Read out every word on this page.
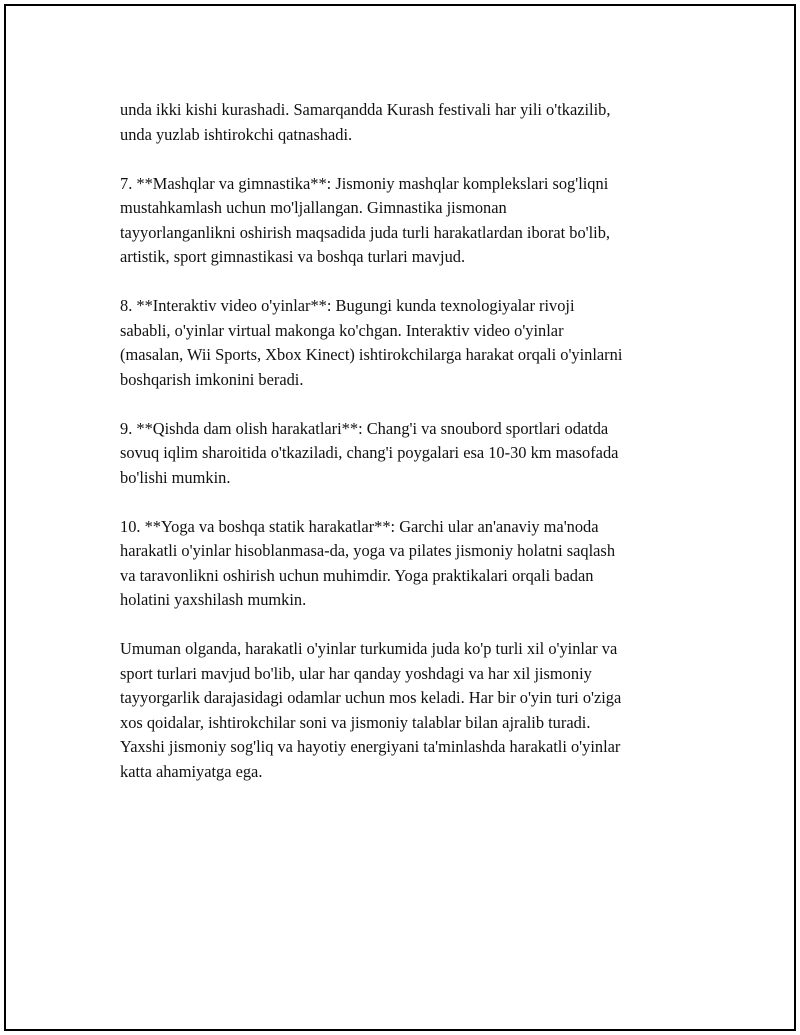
unda ikki kishi kurashadi. Samarqandda Kurash festivali har yili o'tkazilib,
unda yuzlab ishtirokchi qatnashadi.

7. **Mashqlar va gimnastika**: Jismoniy mashqlar komplekslari sog'liqni
mustahkamlash uchun mo'ljallangan. Gimnastika jismonan
tayyorlanganlikni oshirish maqsadida juda turli harakatlardan iborat bo'lib,
artistik, sport gimnastikasi va boshqa turlari mavjud.

8. **Interaktiv video o'yinlar**: Bugungi kunda texnologiyalar rivoji
sababli, o'yinlar virtual makonga ko'chgan. Interaktiv video o'yinlar
(masalan, Wii Sports, Xbox Kinect) ishtirokchilarga harakat orqali o'yinlarni
boshqarish imkonini beradi.

9. **Qishda dam olish harakatlari**: Chang'i va snoubord sportlari odatda
sovuq iqlim sharoitida o'tkaziladi, chang'i poygalari esa 10-30 km masofada
bo'lishi mumkin.

10. **Yoga va boshqa statik harakatlar**: Garchi ular an'anaviy ma'noda
harakatli o'yinlar hisoblanmasa-da, yoga va pilates jismoniy holatni saqlash
va taravonlikni oshirish uchun muhimdir. Yoga praktikalari orqali badan
holatini yaxshilash mumkin.

Umuman olganda, harakatli o'yinlar turkumida juda ko'p turli xil o'yinlar va
sport turlari mavjud bo'lib, ular har qanday yoshdagi va har xil jismoniy
tayyorgarlik darajasidagi odamlar uchun mos keladi. Har bir o'yin turi o'ziga
xos qoidalar, ishtirokchilar soni va jismoniy talablar bilan ajralib turadi.
Yaxshi jismoniy sog'liq va hayotiy energiyani ta'minlashda harakatli o'yinlar
katta ahamiyatga ega.
